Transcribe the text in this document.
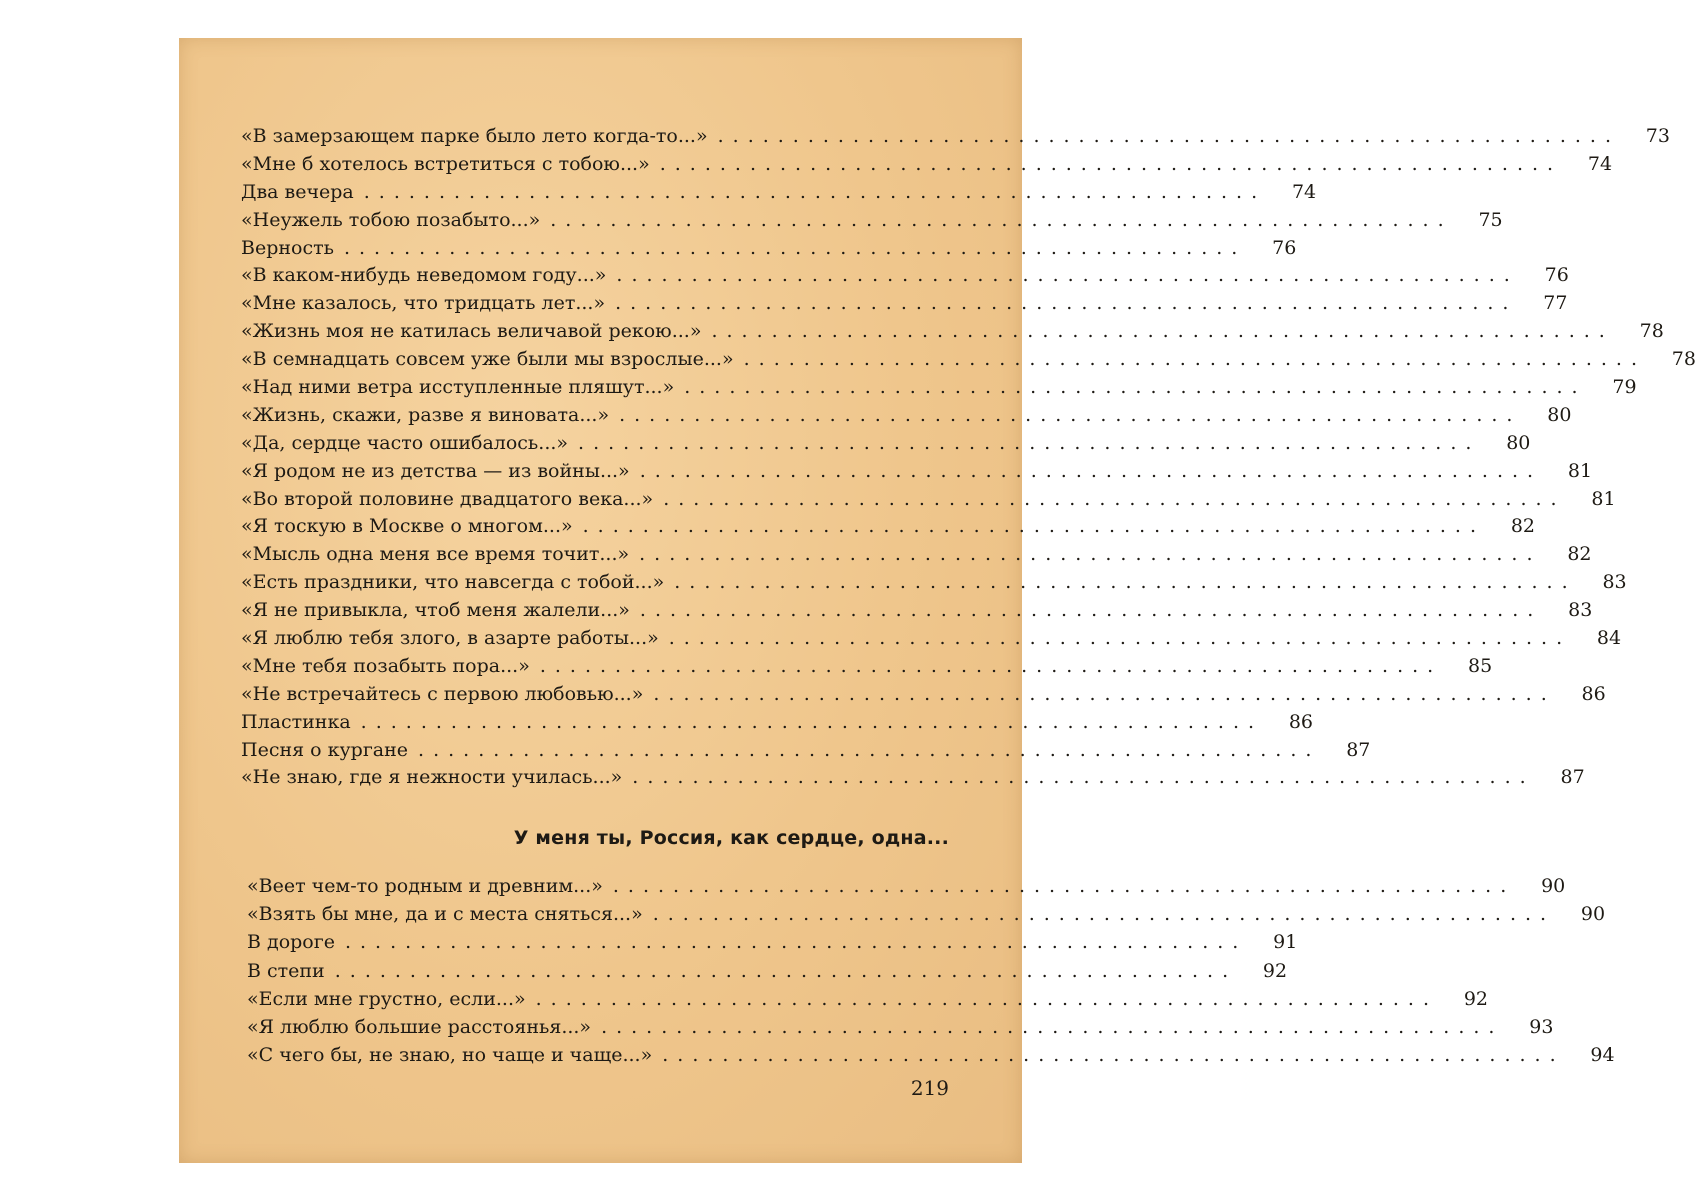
«В замерзающем парке было лето когда-то...» ............................................................	73
«Мне б хотелось встретиться с тобою...» ............................................................	74
Два вечера ............................................................	74
«Неужель тобою позабыто...» ............................................................	75
Верность ............................................................	76
«В каком-нибудь неведомом году...» ............................................................	76
«Мне казалось, что тридцать лет...» ............................................................	77
«Жизнь моя не катилась величавой рекою...» ............................................................	78
«В семнадцать совсем уже были мы взрослые...» ............................................................	78
«Над ними ветра исступленные пляшут...» ............................................................	79
«Жизнь, скажи, разве я виновата...» ............................................................	80
«Да, сердце часто ошибалось...» ............................................................	80
«Я родом не из детства — из войны...» ............................................................	81
«Во второй половине двадцатого века...» ............................................................	81
«Я тоскую в Москве о многом...» ............................................................	82
«Мысль одна меня все время точит...» ............................................................	82
«Есть праздники, что навсегда с тобой...» ............................................................	83
«Я не привыкла, чтоб меня жалели...» ............................................................	83
«Я люблю тебя злого, в азарте работы...» ............................................................	84
«Мне тебя позабыть пора...» ............................................................	85
«Не встречайтесь с первою любовью...» ............................................................	86
Пластинка ............................................................	86
Песня о кургане ............................................................	87
«Не знаю, где я нежности училась...» ............................................................	87
У меня ты, Россия, как сердце, одна...
«Веет чем-то родным и древним...» ............................................................	90
«Взять бы мне, да и с места сняться...» ............................................................	90
В дороге ............................................................	91
В степи ............................................................	92
«Если мне грустно, если...» ............................................................	92
«Я люблю большие расстоянья...» ............................................................	93
«С чего бы, не знаю, но чаще и чаще...» ............................................................	94
219
